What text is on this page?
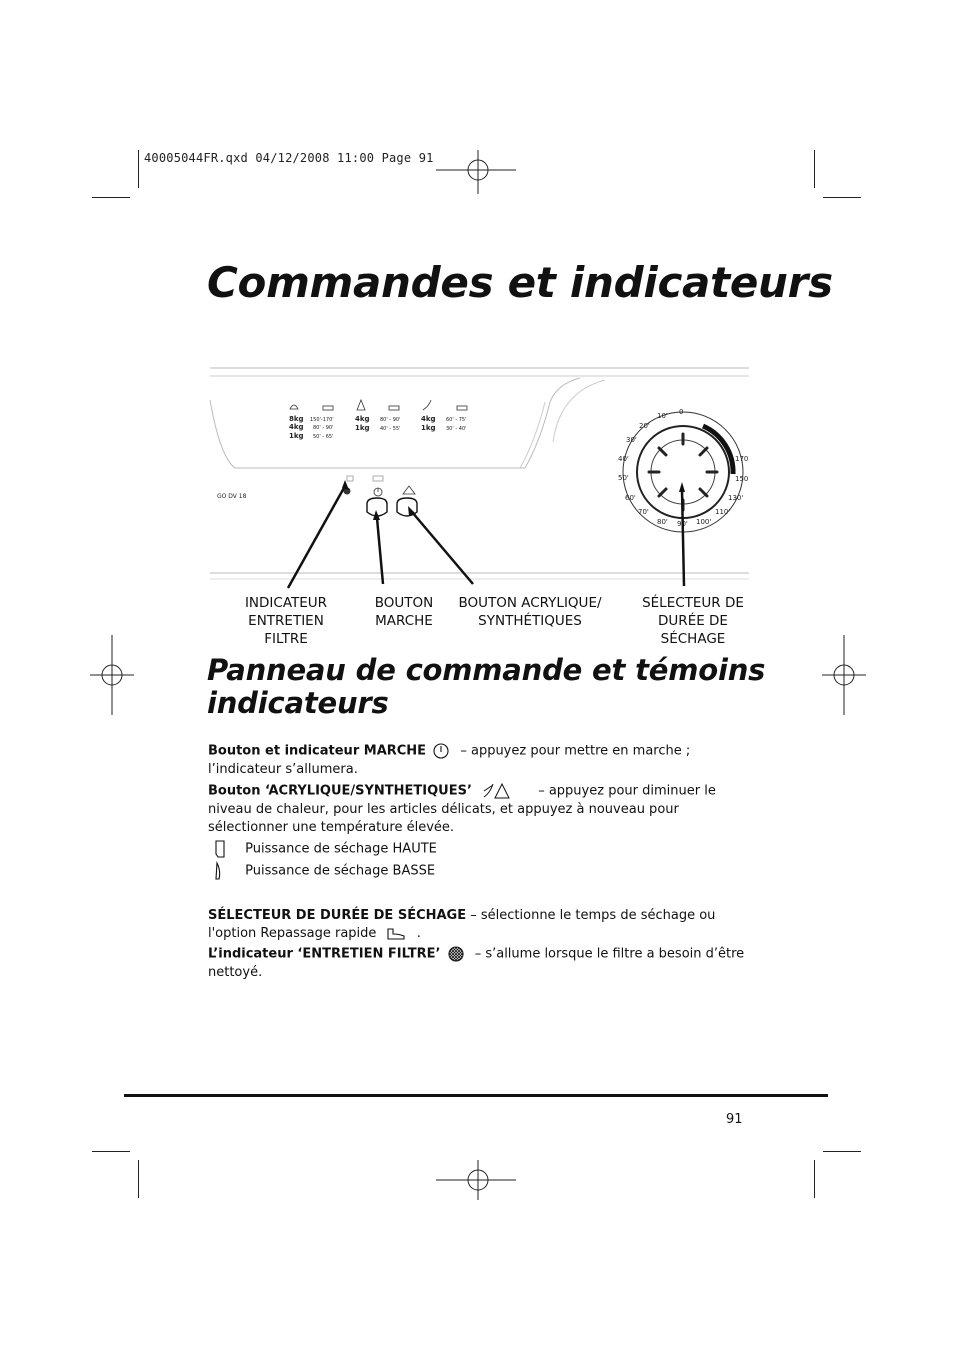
40005044FR.qxd 04/12/2008 11:00 Page 91
Commandes et indicateurs
GO DV 18
8kg 150'-170'
4kg 80' - 90'
1kg 50' - 65'
4kg 80' - 90'
1kg 40' - 55'
4kg 60' - 75'
1kg 30' - 40'
10'
20'
30'
40'
50'
60'
70'
80' 90'
0
170
150
130'
110'
100'
INDICATEUR ENTRETIEN FILTRE
BOUTON MARCHE
BOUTON ACRYLIQUE/ SYNTHÉTIQUES
SÉLECTEUR DE DURÉE DE SÉCHAGE
Panneau de commande et témoins indicateurs
Bouton et indicateur MARCHE	– appuyez pour mettre en marche ; l’indicateur s’allumera.
Bouton ‘ACRYLIQUE/SYNTHETIQUES’	– appuyez pour diminuer le niveau de chaleur, pour les articles délicats, et appuyez à nouveau pour sélectionner une température élevée.
Puissance de séchage HAUTE
Puissance de séchage BASSE
SÉLECTEUR DE DURÉE DE SÉCHAGE – sélectionne le temps de séchage ou l'option Repassage rapide	.
L’indicateur ‘ENTRETIEN FILTRE’	– s’allume lorsque le filtre a besoin d’être nettoyé.
91
